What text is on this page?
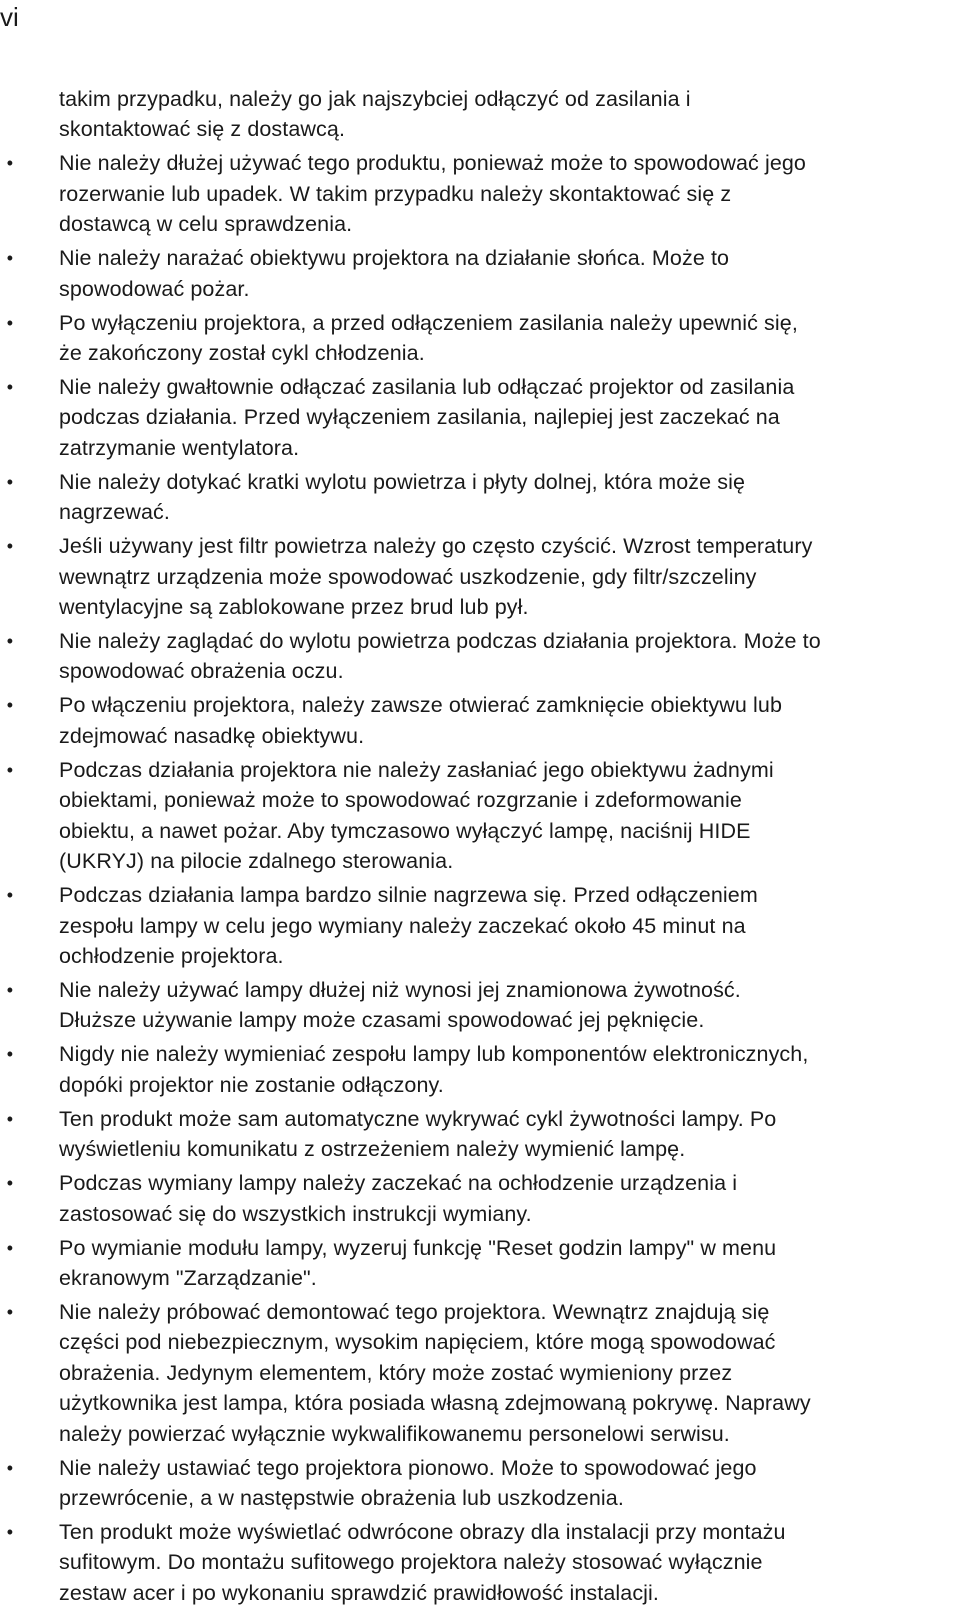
vi
takim przypadku, należy go jak najszybciej odłączyć od zasilania i
skontaktować się z dostawcą.
•	Nie należy dłużej używać tego produktu, ponieważ może to spowodować jego
rozerwanie lub upadek. W takim przypadku należy skontaktować się z
dostawcą w celu sprawdzenia.
•	Nie należy narażać obiektywu projektora na działanie słońca. Może to
spowodować pożar.
•	Po wyłączeniu projektora, a przed odłączeniem zasilania należy upewnić się,
że zakończony został cykl chłodzenia.
•	Nie należy gwałtownie odłączać zasilania lub odłączać projektor od zasilania
podczas działania. Przed wyłączeniem zasilania, najlepiej jest zaczekać na
zatrzymanie wentylatora.
•	Nie należy dotykać kratki wylotu powietrza i płyty dolnej, która może się
nagrzewać.
•	Jeśli używany jest filtr powietrza należy go często czyścić. Wzrost temperatury
wewnątrz urządzenia może spowodować uszkodzenie, gdy filtr/szczeliny
wentylacyjne są zablokowane przez brud lub pył.
•	Nie należy zaglądać do wylotu powietrza podczas działania projektora. Może to
spowodować obrażenia oczu.
•	Po włączeniu projektora, należy zawsze otwierać zamknięcie obiektywu lub
zdejmować nasadkę obiektywu.
•	Podczas działania projektora nie należy zasłaniać jego obiektywu żadnymi
obiektami, ponieważ może to spowodować rozgrzanie i zdeformowanie
obiektu, a nawet pożar. Aby tymczasowo wyłączyć lampę, naciśnij HIDE
(UKRYJ) na pilocie zdalnego sterowania.
•	Podczas działania lampa bardzo silnie nagrzewa się. Przed odłączeniem
zespołu lampy w celu jego wymiany należy zaczekać około 45 minut na
ochłodzenie projektora.
•	Nie należy używać lampy dłużej niż wynosi jej znamionowa żywotność.
Dłuższe używanie lampy może czasami spowodować jej pęknięcie.
•	Nigdy nie należy wymieniać zespołu lampy lub komponentów elektronicznych,
dopóki projektor nie zostanie odłączony.
•	Ten produkt może sam automatyczne wykrywać cykl żywotności lampy. Po
wyświetleniu komunikatu z ostrzeżeniem należy wymienić lampę.
•	Podczas wymiany lampy należy zaczekać na ochłodzenie urządzenia i
zastosować się do wszystkich instrukcji wymiany.
•	Po wymianie modułu lampy, wyzeruj funkcję "Reset godzin lampy" w menu
ekranowym "Zarządzanie".
•	Nie należy próbować demontować tego projektora. Wewnątrz znajdują się
części pod niebezpiecznym, wysokim napięciem, które mogą spowodować
obrażenia. Jedynym elementem, który może zostać wymieniony przez
użytkownika jest lampa, która posiada własną zdejmowaną pokrywę. Naprawy
należy powierzać wyłącznie wykwalifikowanemu personelowi serwisu.
•	Nie należy ustawiać tego projektora pionowo. Może to spowodować jego
przewrócenie, a w następstwie obrażenia lub uszkodzenia.
•	Ten produkt może wyświetlać odwrócone obrazy dla instalacji przy montażu
sufitowym. Do montażu sufitowego projektora należy stosować wyłącznie
zestaw acer i po wykonaniu sprawdzić prawidłowość instalacji.
